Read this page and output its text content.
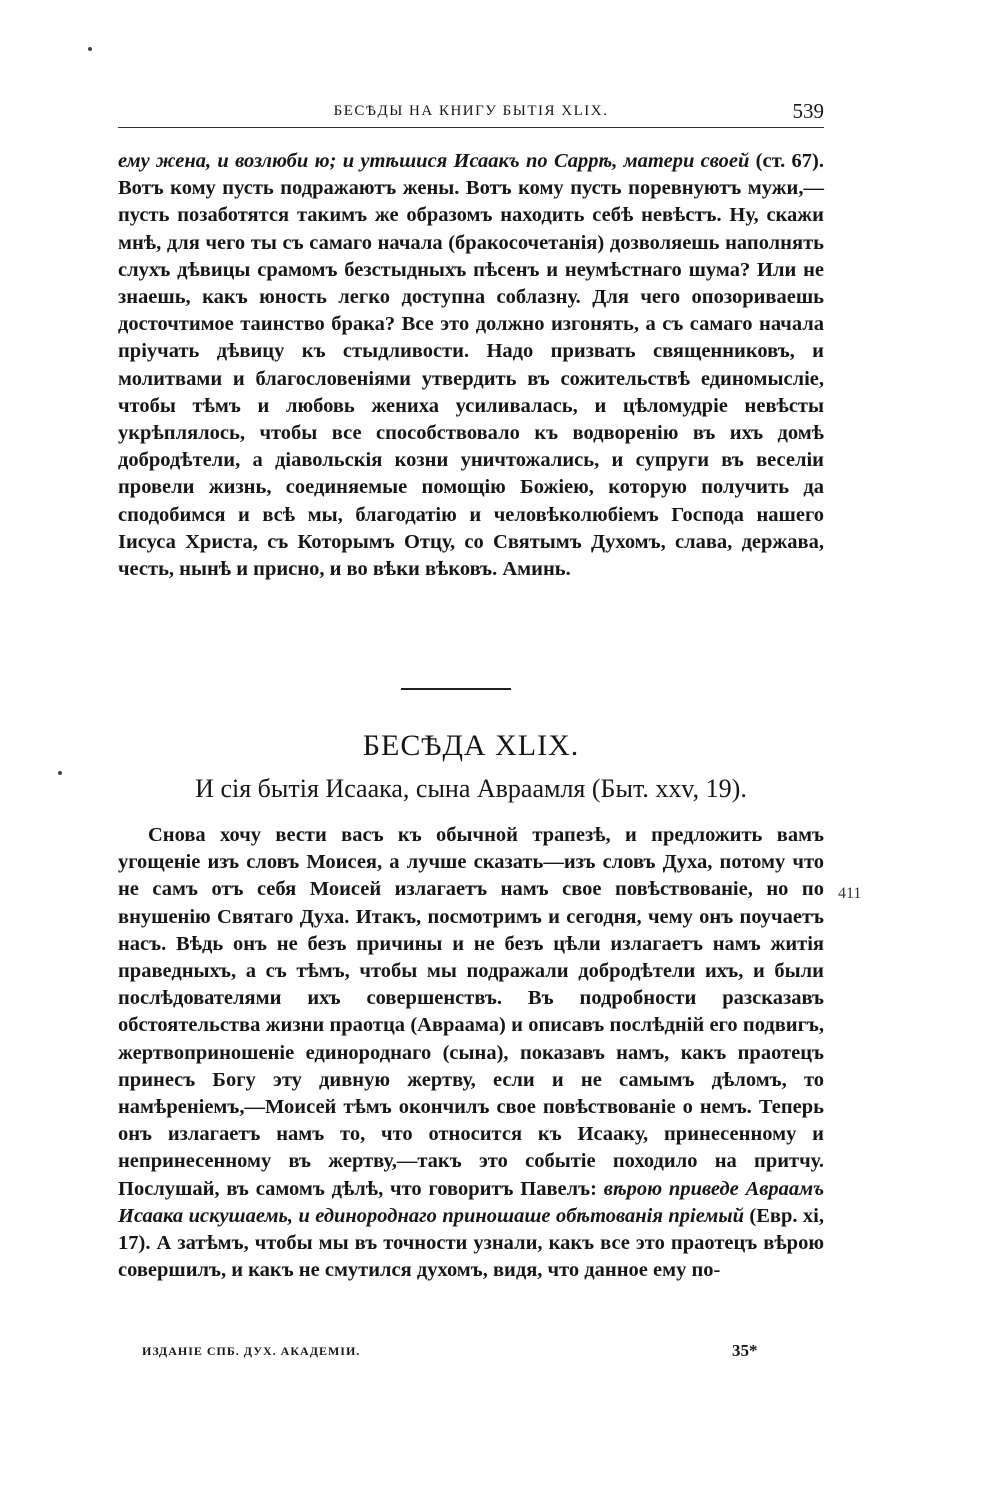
БЕСѢДЫ НА КНИГУ БЫТІЯ XLIX.	539

ему жена, и возлюби ю; и утѣшися Исаакъ по Саррѣ, матери своей (ст. 67). Вотъ кому пусть подражаютъ жены. Вотъ кому пусть поревнуютъ мужи,—пусть позаботятся такимъ же образомъ находить себѣ невѣстъ. Ну, скажи мнѣ, для чего ты съ самаго начала (бракосочетанія) дозволяешь наполнять слухъ дѣвицы срамомъ безстыдныхъ пѣсенъ и неумѣстнаго шума? Или не знаешь, какъ юность легко доступна соблазну. Для чего опозориваешь досточтимое таинство брака? Все это должно изгонять, а съ самаго начала пріучать дѣвицу къ стыдливости. Надо призвать священниковъ, и молитвами и благословеніями утвердить въ сожительствѣ единомысліе, чтобы тѣмъ и любовь жениха усиливалась, и цѣломудріе невѣсты укрѣплялось, чтобы все способствовало къ водворенію въ ихъ домѣ добродѣтели, а діавольскія козни уничтожались, и супруги въ веселіи провели жизнь, соединяемые помощію Божіею, которую получить да сподобимся и всѣ мы, благодатію и человѣколюбіемъ Господа нашего Іисуса Христа, съ Которымъ Отцу, со Святымъ Духомъ, слава, держава, честь, нынѣ и присно, и во вѣки вѣковъ. Аминь.

БЕСѢДА XLIX.
И сія бытія Исаака, сына Авраамля (Быт. xxv, 19).

Снова хочу вести васъ къ обычной трапезѣ, и предложить вамъ угощеніе изъ словъ Моисея, а лучше сказать—изъ словъ Духа, потому что не самъ отъ себя Моисей излагаетъ намъ свое повѣствованіе, но по внушенію Святаго Духа. Итакъ, посмотримъ и сегодня, чему онъ поучаетъ насъ. Вѣдь онъ не безъ причины и не безъ цѣли излагаетъ намъ житія праведныхъ, а съ тѣмъ, чтобы мы подражали добродѣтели ихъ, и были послѣдователями ихъ совершенствъ. Въ подробности разсказавъ обстоятельства жизни праотца (Авраама) и описавъ послѣдній его подвигъ, жертвоприношеніе единороднаго (сына), показавъ намъ, какъ праотецъ принесъ Богу эту дивную жертву, если и не самымъ дѣломъ, то намѣреніемъ,—Моисей тѣмъ окончилъ свое повѣствованіе о немъ. Теперь онъ излагаетъ намъ то, что относится къ Исааку, принесенному и непринесенному въ жертву,—такъ это событіе походило на притчу. Послушай, въ самомъ дѣлѣ, что говоритъ Павелъ: вѣрою приведе Авраамъ Исаака искушаемь, и единороднаго приношаше обѣтованія пріемый (Евр. xi, 17). А затѣмъ, чтобы мы въ точности узнали, какъ все это праотецъ вѣрою совершилъ, и какъ не смутился духомъ, видя, что данное ему по-

ИЗДАНІЕ СПБ. ДУХ. АКАДЕМІИ.	35*
411
